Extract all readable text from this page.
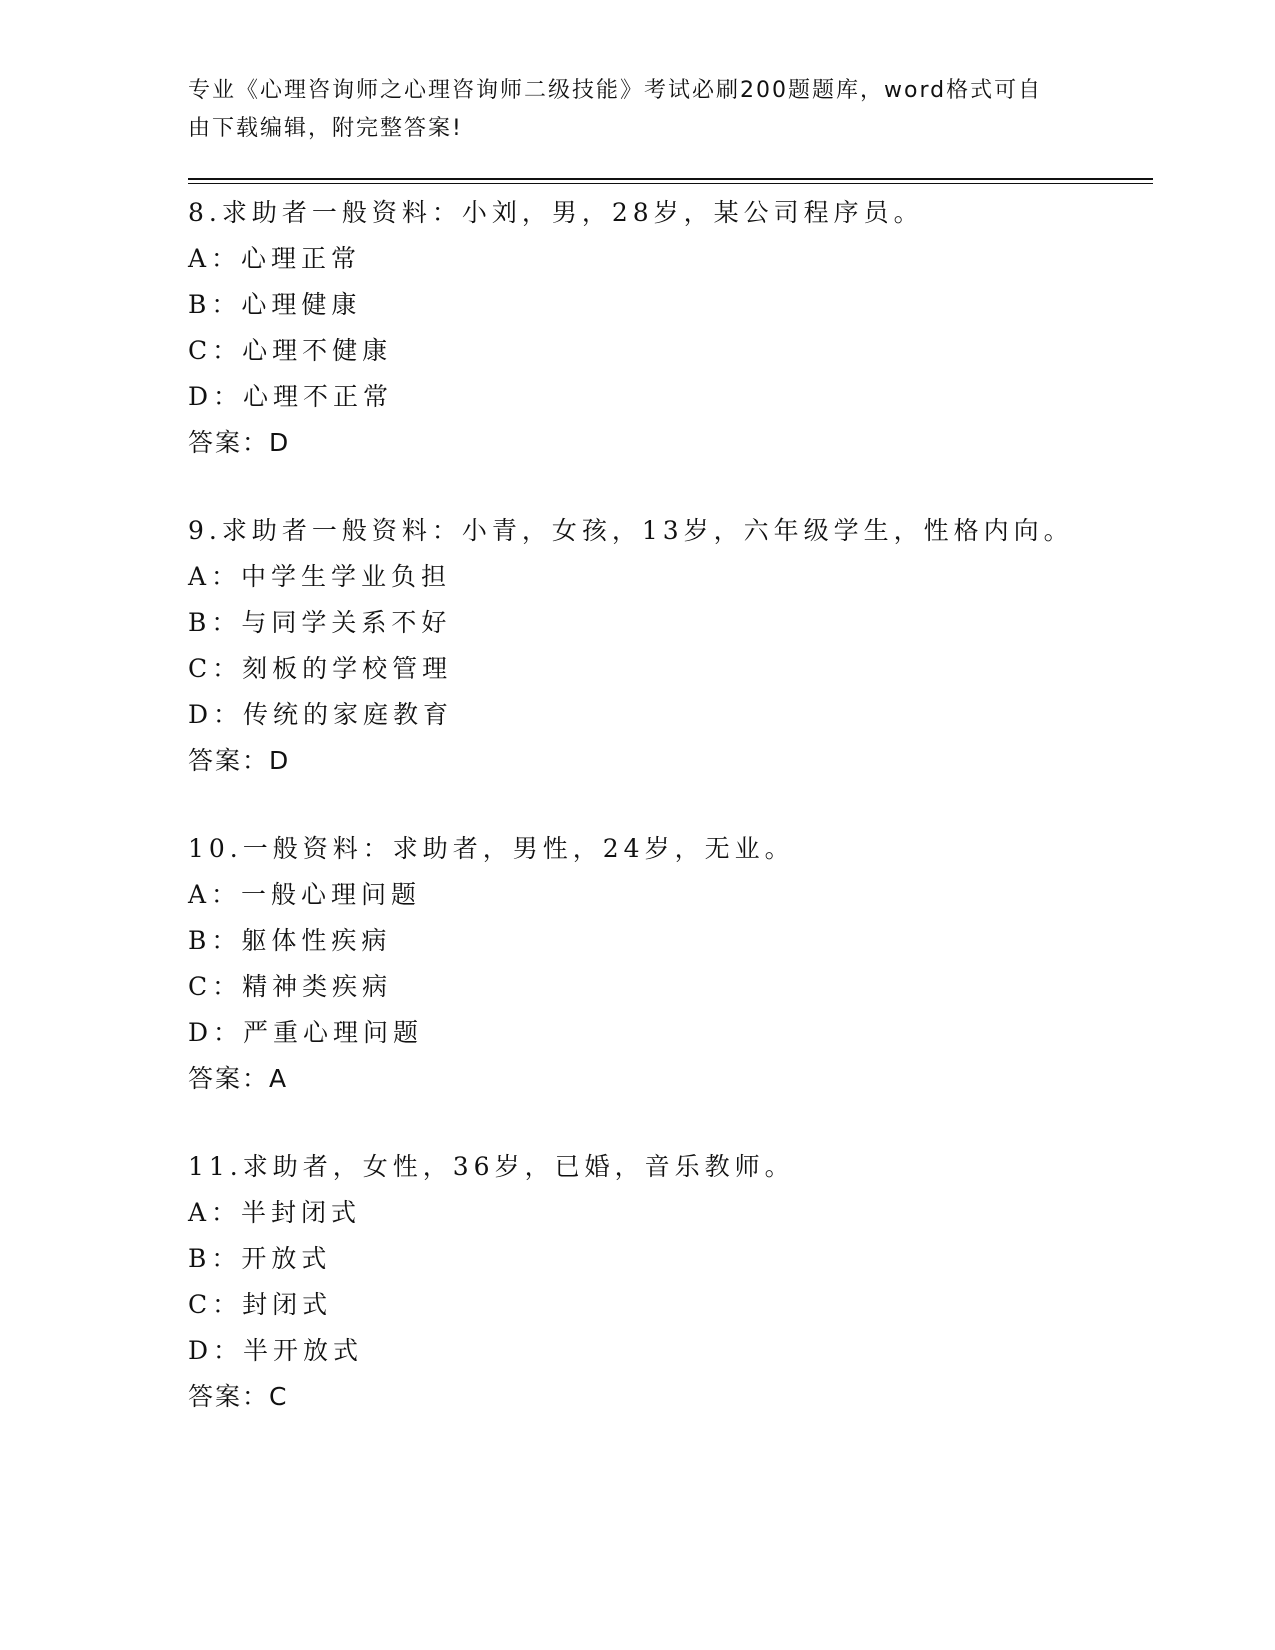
专业《心理咨询师之心理咨询师二级技能》考试必刷200题题库，word格式可自
由下载编辑，附完整答案!
8.求助者一般资料：小刘，男，28岁，某公司程序员。
A：心理正常
B：心理健康
C：心理不健康
D：心理不正常
答案：D
9.求助者一般资料：小青，女孩，13岁，六年级学生，性格内向。
A：中学生学业负担
B：与同学关系不好
C：刻板的学校管理
D：传统的家庭教育
答案：D
10.一般资料：求助者，男性，24岁，无业。
A：一般心理问题
B：躯体性疾病
C：精神类疾病
D：严重心理问题
答案：A
11.求助者，女性，36岁，已婚，音乐教师。
A：半封闭式
B：开放式
C：封闭式
D：半开放式
答案：C
